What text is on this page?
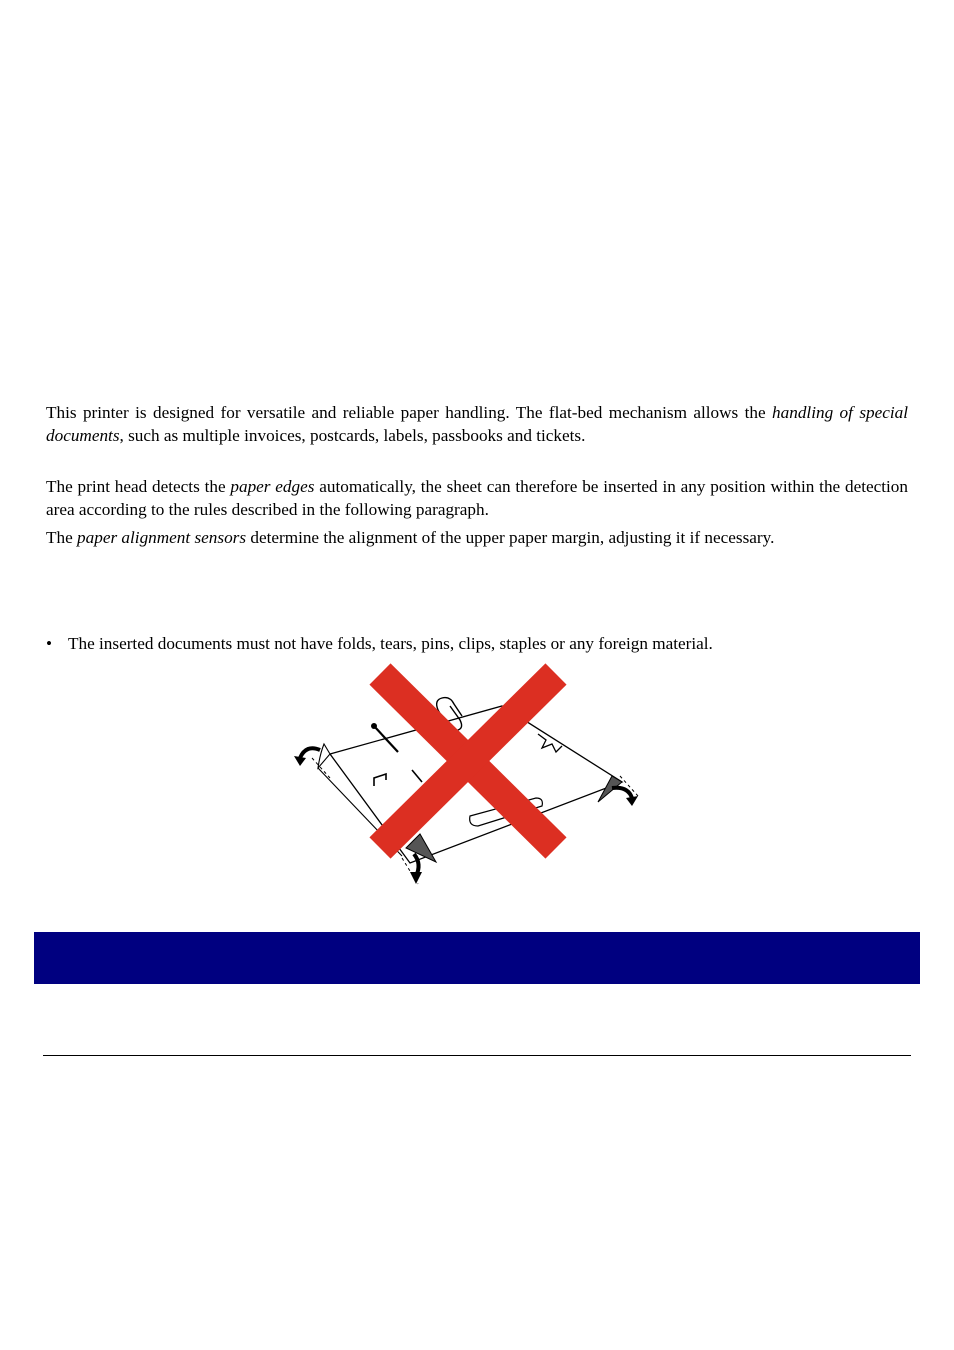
This printer is designed for versatile and reliable paper handling. The flat-bed mechanism allows the handling of special documents, such as multiple invoices, postcards, labels, passbooks and tickets.

The print head detects the paper edges automatically, the sheet can therefore be inserted in any position within the detection area according to the rules described in the following paragraph.

The paper alignment sensors determine the alignment of the upper paper margin, adjusting it if necessary.

• The inserted documents must not have folds, tears, pins, clips, staples or any foreign material.
